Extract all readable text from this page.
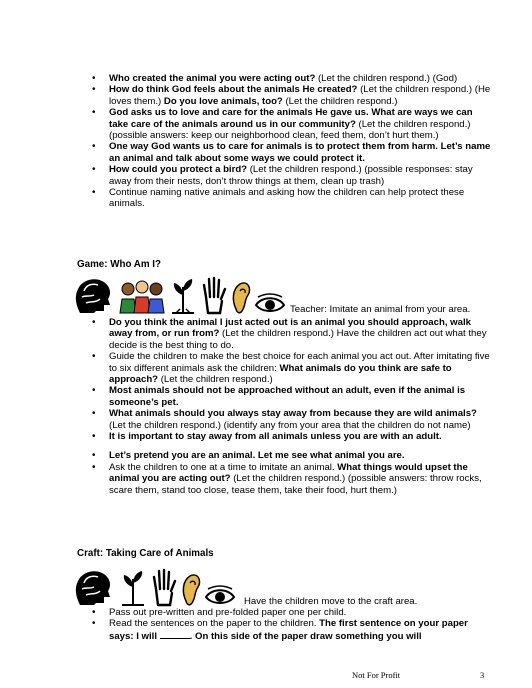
• Who created the animal you were acting out? (Let the children respond.) (God)
• How do think God feels about the animals He created? (Let the children respond.) (He loves them.) Do you love animals, too? (Let the children respond.)
• God asks us to love and care for the animals He gave us. What are ways we can take care of the animals around us in our community? (Let the children respond.) (possible answers: keep our neighborhood clean, feed them, don’t hurt them.)
• One way God wants us to care for animals is to protect them from harm. Let’s name an animal and talk about some ways we could protect it.
• How could you protect a bird? (Let the children respond.) (possible responses: stay away from their nests, don’t throw things at them, clean up trash)
• Continue naming native animals and asking how the children can help protect these animals.
Game: Who Am I?
Teacher: Imitate an animal from your area.
• Do you think the animal I just acted out is an animal you should approach, walk away from, or run from? (Let the children respond.) Have the children act out what they decide is the best thing to do.
• Guide the children to make the best choice for each animal you act out. After imitating five to six different animals ask the children: What animals do you think are safe to approach? (Let the children respond.)
• Most animals should not be approached without an adult, even if the animal is someone’s pet.
• What animals should you always stay away from because they are wild animals? (Let the children respond.) (identify any from your area that the children do not name)
• It is important to stay away from all animals unless you are with an adult.
• Let’s pretend you are an animal. Let me see what animal you are.
• Ask the children to one at a time to imitate an animal. What things would upset the animal you are acting out? (Let the children respond.) (possible answers: throw rocks, scare them, stand too close, tease them, take their food, hurt them.)
Craft: Taking Care of Animals
Have the children move to the craft area.
• Pass out pre-written and pre-folded paper one per child.
• Read the sentences on the paper to the children. The first sentence on your paper says: I will	. On this side of the paper draw something you will
Not For Profit	3
